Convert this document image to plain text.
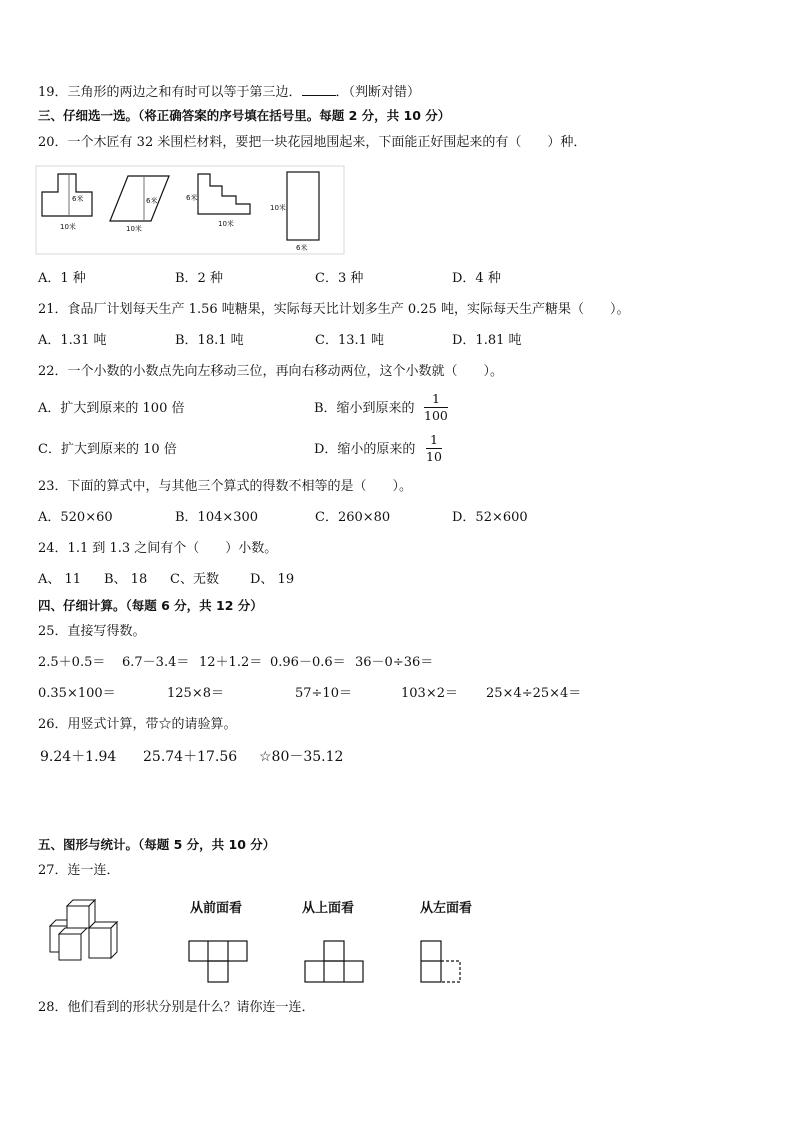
19．三角形的两边之和有时可以等于第三边．	．（判断对错）
三、仔细选一选。（将正确答案的序号填在括号里。每题 2 分，共 10 分）
20．一个木匠有 32 米围栏材料，要把一块花园地围起来，下面能正好围起来的有（　　）种．
6米
10米
6米
10米
6米
10米
10米
6米
A．1 种	B．2 种	C．3 种	D．4 种
21．食品厂计划每天生产 1.56 吨糖果，实际每天比计划多生产 0.25 吨，实际每天生产糖果（　　）。
A．1.31 吨	B．18.1 吨	C．13.1 吨	D．1.81 吨
22．一个小数的小数点先向左移动三位，再向右移动两位，这个小数就（　　）。
A．扩大到原来的 100 倍	B．缩小到原来的
1
100
C．扩大到原来的 10 倍	D．缩小的原来的
1
10
23．下面的算式中，与其他三个算式的得数不相等的是（　　）。
A．520×60	B．104×300	C．260×80	D．52×600
24．1.1 到 1.3 之间有个（　　）小数。
A、 11 B、 18 C、无数 D、 19
四、仔细计算。（每题 6 分，共 12 分）
25．直接写得数。
2.5＋0.5＝ 6.7－3.4＝ 12＋1.2＝ 0.96－0.6＝ 36－0÷36＝
0.35×100＝	125×8＝	57÷10＝	103×2＝ 25×4÷25×4＝
26．用竖式计算，带☆的请验算。
9.24＋1.94 25.74＋17.56 ☆80－35.12
五、图形与统计。（每题 5 分，共 10 分）
27．连一连．
从前面看	从上面看	从左面看
28．他们看到的形状分别是什么？请你连一连．
